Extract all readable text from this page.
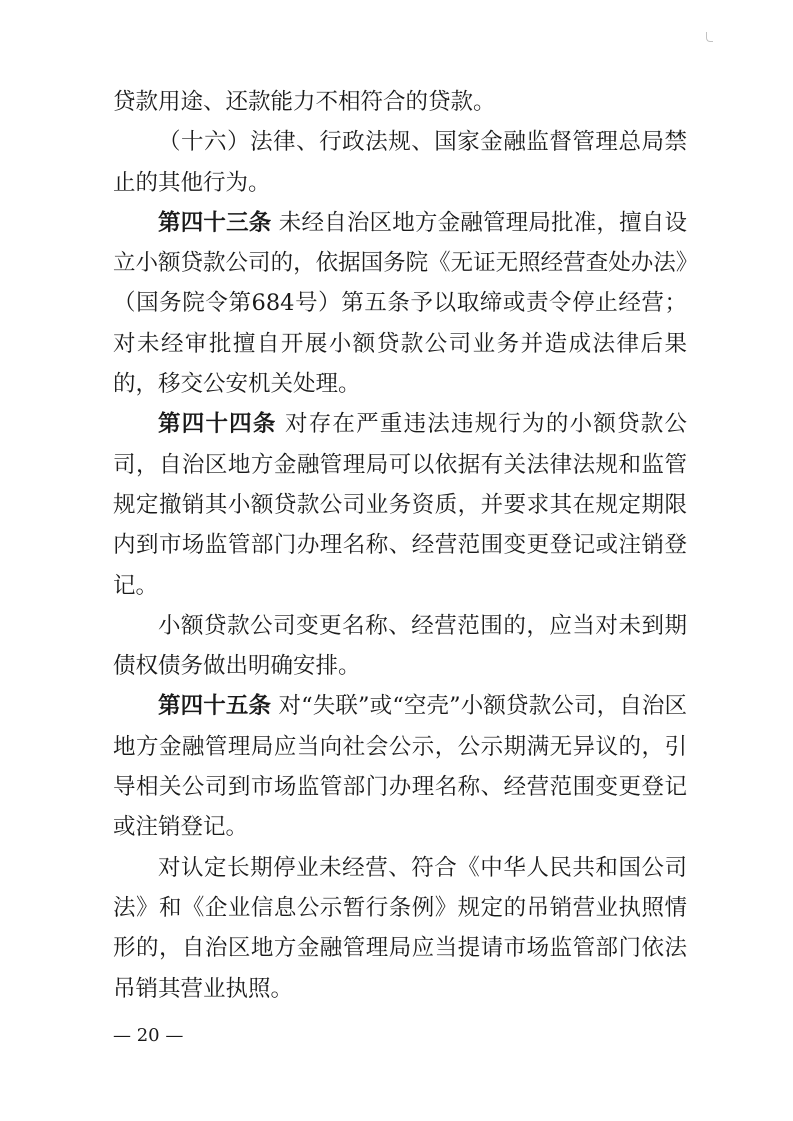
贷款用途、还款能力不相符合的贷款。

（十六）法律、行政法规、国家金融监督管理总局禁止的其他行为。

第四十三条 未经自治区地方金融管理局批准，擅自设立小额贷款公司的，依据国务院《无证无照经营查处办法》（国务院令第684号）第五条予以取缔或责令停止经营；对未经审批擅自开展小额贷款公司业务并造成法律后果的，移交公安机关处理。

第四十四条 对存在严重违法违规行为的小额贷款公司，自治区地方金融管理局可以依据有关法律法规和监管规定撤销其小额贷款公司业务资质，并要求其在规定期限内到市场监管部门办理名称、经营范围变更登记或注销登记。

小额贷款公司变更名称、经营范围的，应当对未到期债权债务做出明确安排。

第四十五条 对“失联”或“空壳”小额贷款公司，自治区地方金融管理局应当向社会公示，公示期满无异议的，引导相关公司到市场监管部门办理名称、经营范围变更登记或注销登记。

对认定长期停业未经营、符合《中华人民共和国公司法》和《企业信息公示暂行条例》规定的吊销营业执照情形的，自治区地方金融管理局应当提请市场监管部门依法吊销其营业执照。

— 20 —
